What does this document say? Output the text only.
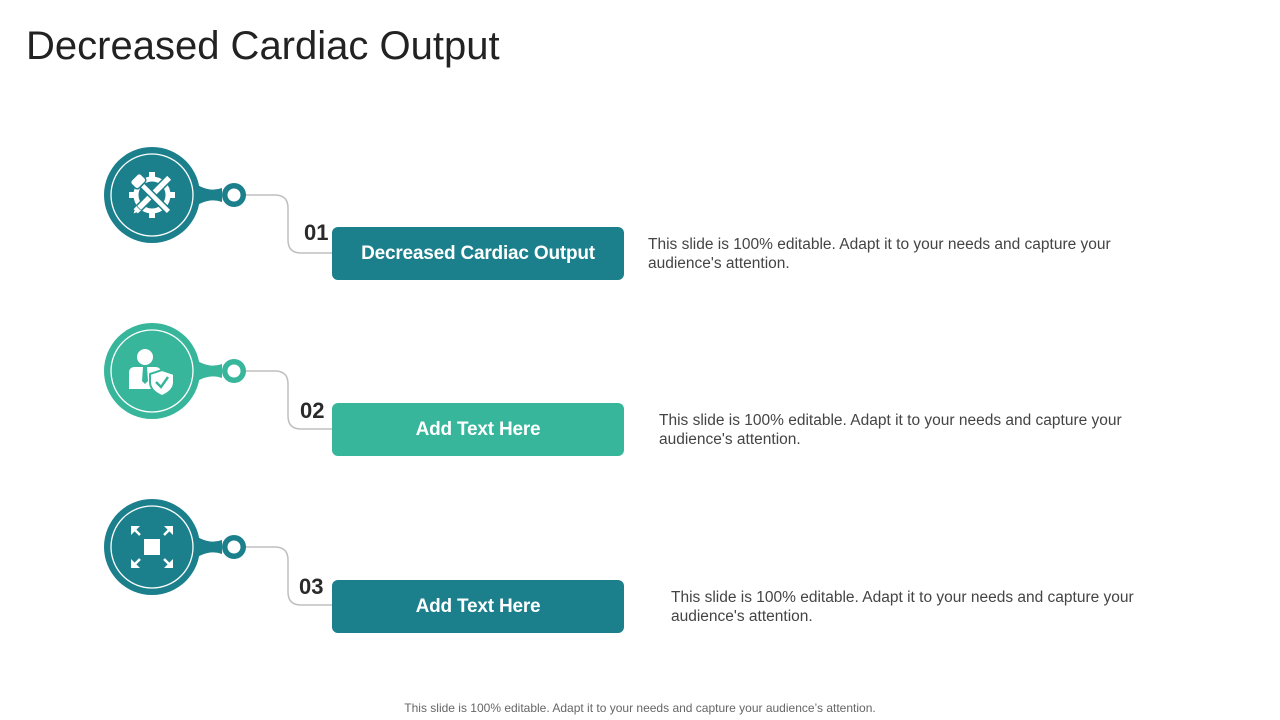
Decreased Cardiac Output
01
Decreased Cardiac Output	This slide is 100% editable. Adapt it to your needs and capture your audience's attention.
02
Add Text Here	This slide is 100% editable. Adapt it to your needs and capture your audience's attention.
03
Add Text Here	This slide is 100% editable. Adapt it to your needs and capture your audience's attention.
This slide is 100% editable. Adapt it to your needs and capture your audience’s attention.
